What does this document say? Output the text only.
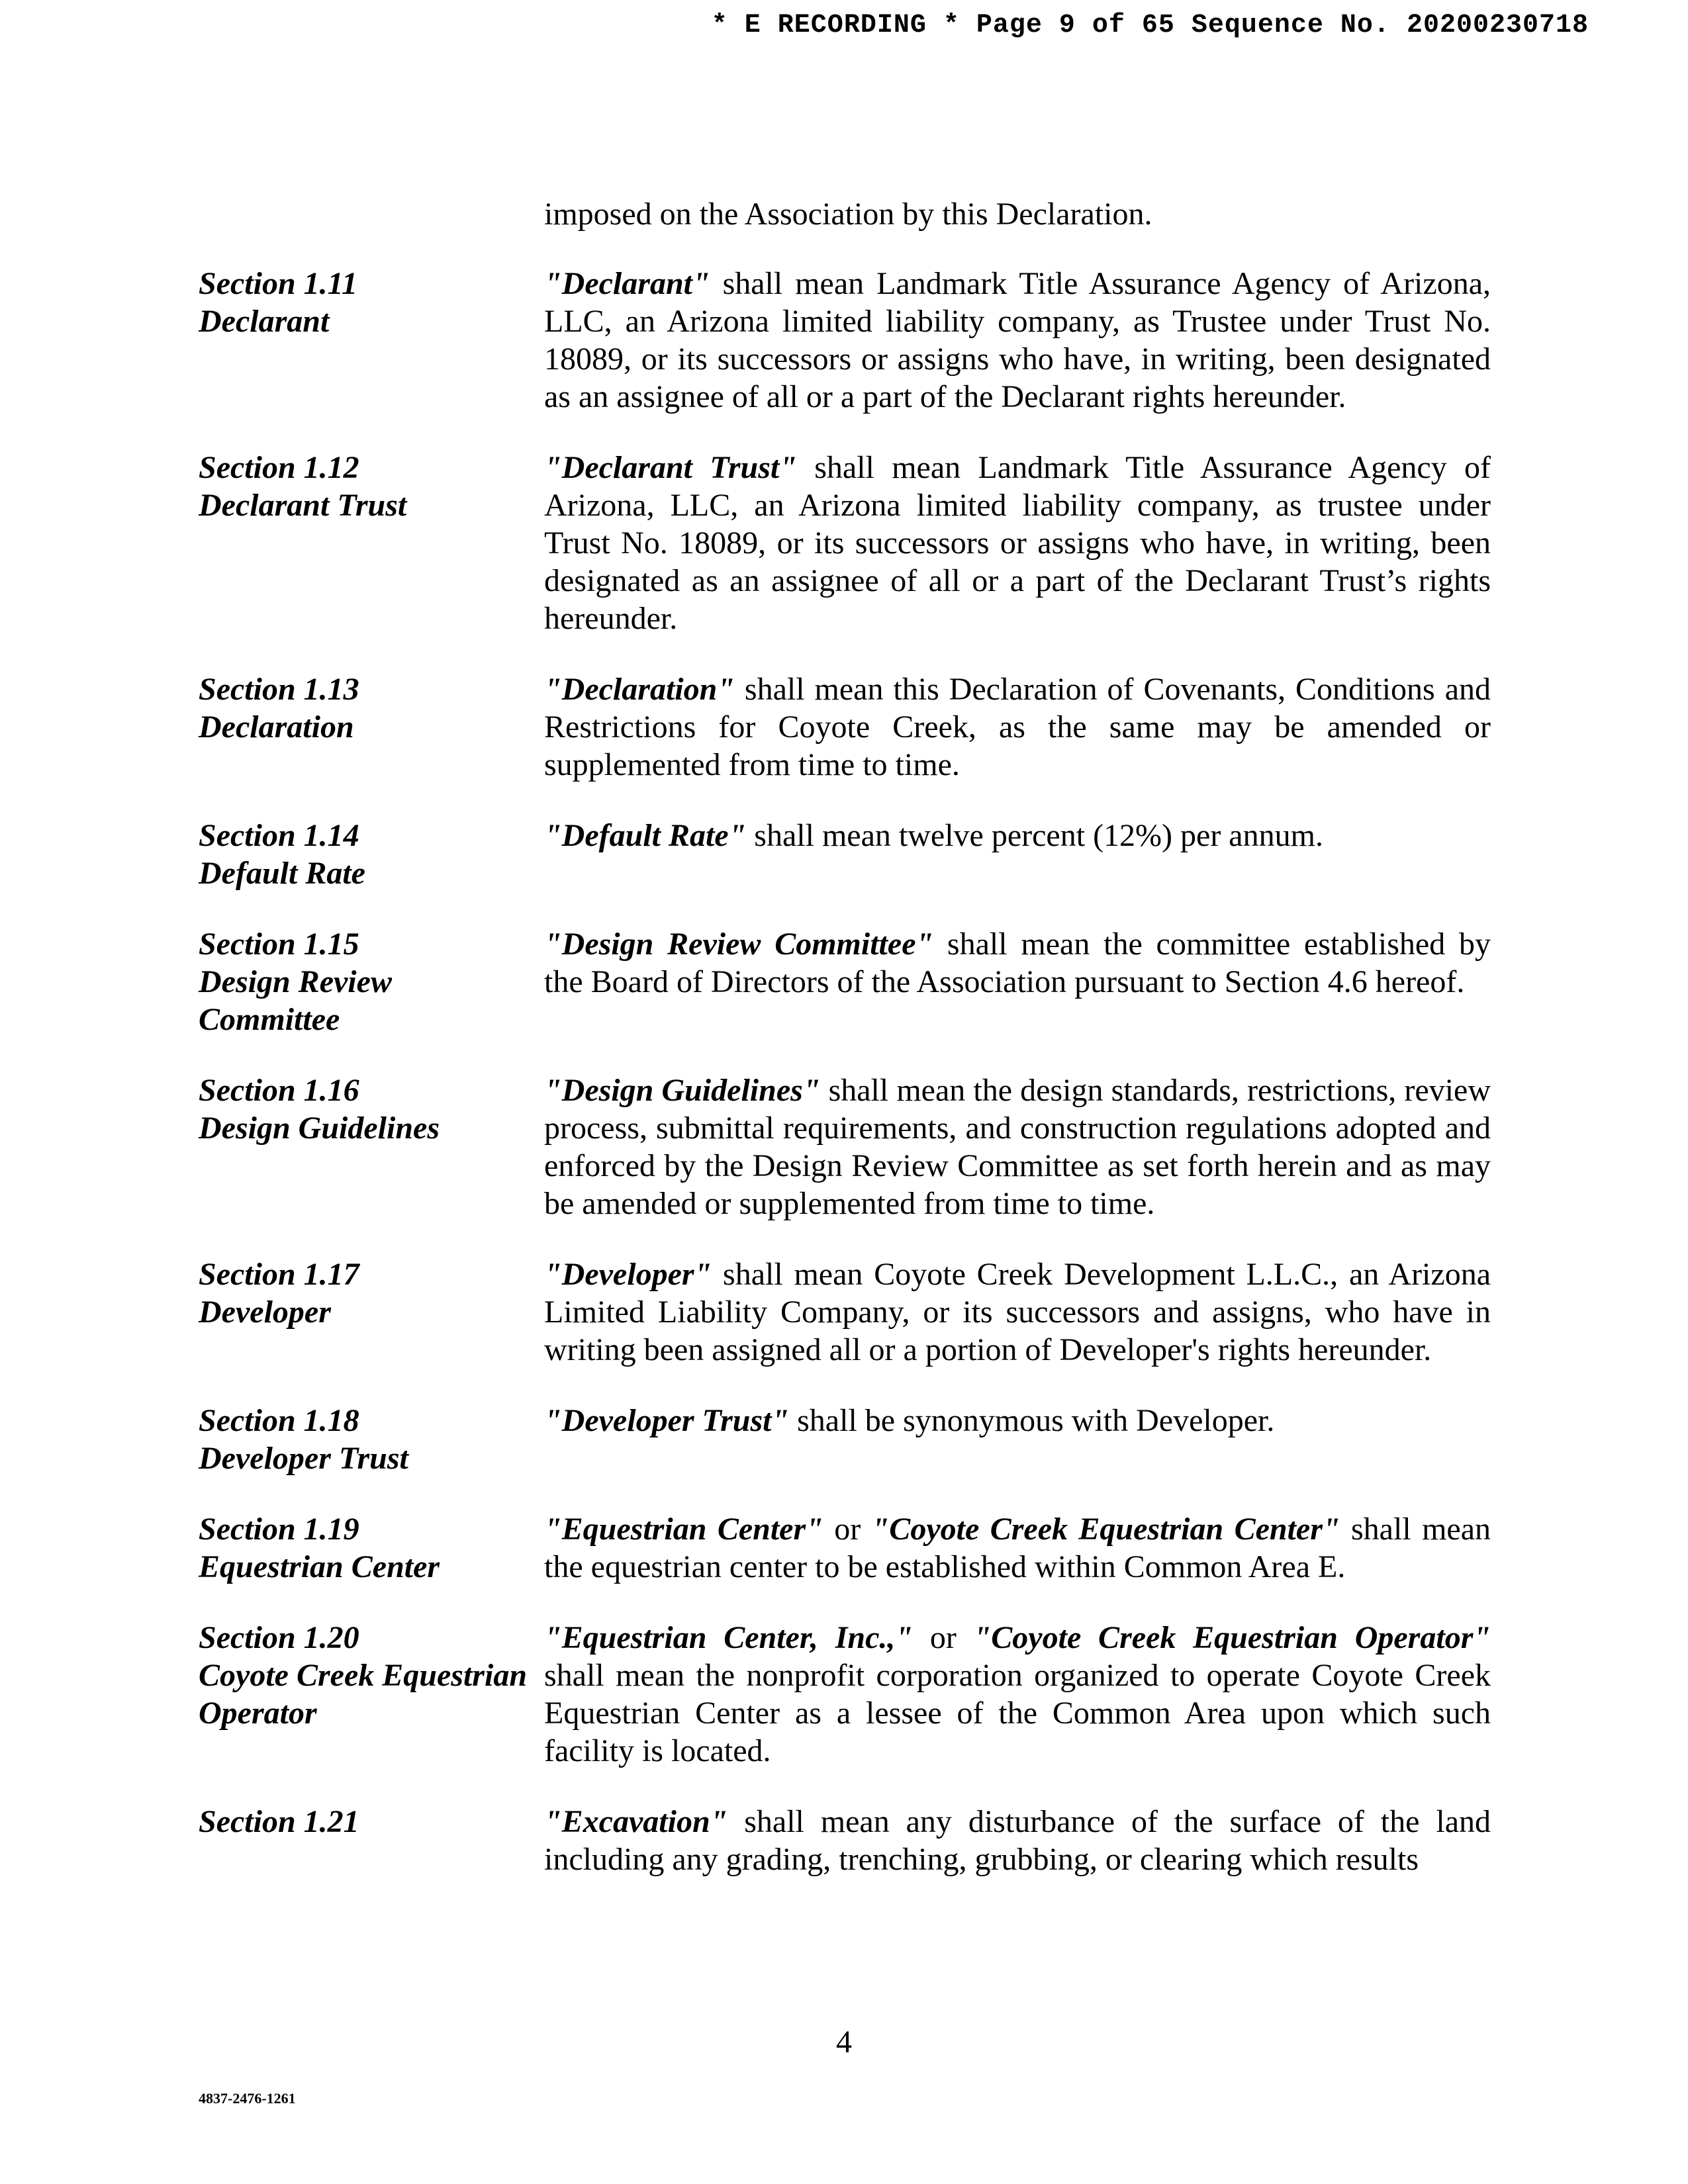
* E RECORDING * Page 9 of 65 Sequence No. 20200230718
imposed on the Association by this Declaration.
Section 1.11
Declarant
"Declarant" shall mean Landmark Title Assurance Agency of Arizona, LLC, an Arizona limited liability company, as Trustee under Trust No. 18089, or its successors or assigns who have, in writing, been designated as an assignee of all or a part of the Declarant rights hereunder.
Section 1.12
Declarant Trust
"Declarant Trust" shall mean Landmark Title Assurance Agency of Arizona, LLC, an Arizona limited liability company, as trustee under Trust No. 18089, or its successors or assigns who have, in writing, been designated as an assignee of all or a part of the Declarant Trust’s rights hereunder.
Section 1.13
Declaration
"Declaration" shall mean this Declaration of Covenants, Conditions and Restrictions for Coyote Creek, as the same may be amended or supplemented from time to time.
Section 1.14
Default Rate
"Default Rate" shall mean twelve percent (12%) per annum.
Section 1.15
Design Review
Committee
"Design Review Committee" shall mean the committee established by the Board of Directors of the Association pursuant to Section 4.6 hereof.
Section 1.16
Design Guidelines
"Design Guidelines" shall mean the design standards, restrictions, review process, submittal requirements, and construction regulations adopted and enforced by the Design Review Committee as set forth herein and as may be amended or supplemented from time to time.
Section 1.17
Developer
"Developer" shall mean Coyote Creek Development L.L.C., an Arizona Limited Liability Company, or its successors and assigns, who have in writing been assigned all or a portion of Developer's rights hereunder.
Section 1.18
Developer Trust
"Developer Trust" shall be synonymous with Developer.
Section 1.19
Equestrian Center
"Equestrian Center" or "Coyote Creek Equestrian Center" shall mean the equestrian center to be established within Common Area E.
Section 1.20
Coyote Creek Equestrian
Operator
"Equestrian Center, Inc.," or "Coyote Creek Equestrian Operator" shall mean the nonprofit corporation organized to operate Coyote Creek Equestrian Center as a lessee of the Common Area upon which such facility is located.
Section 1.21	"Excavation" shall mean any disturbance of the surface of the land including any grading, trenching, grubbing, or clearing which results
4
4837-2476-1261
